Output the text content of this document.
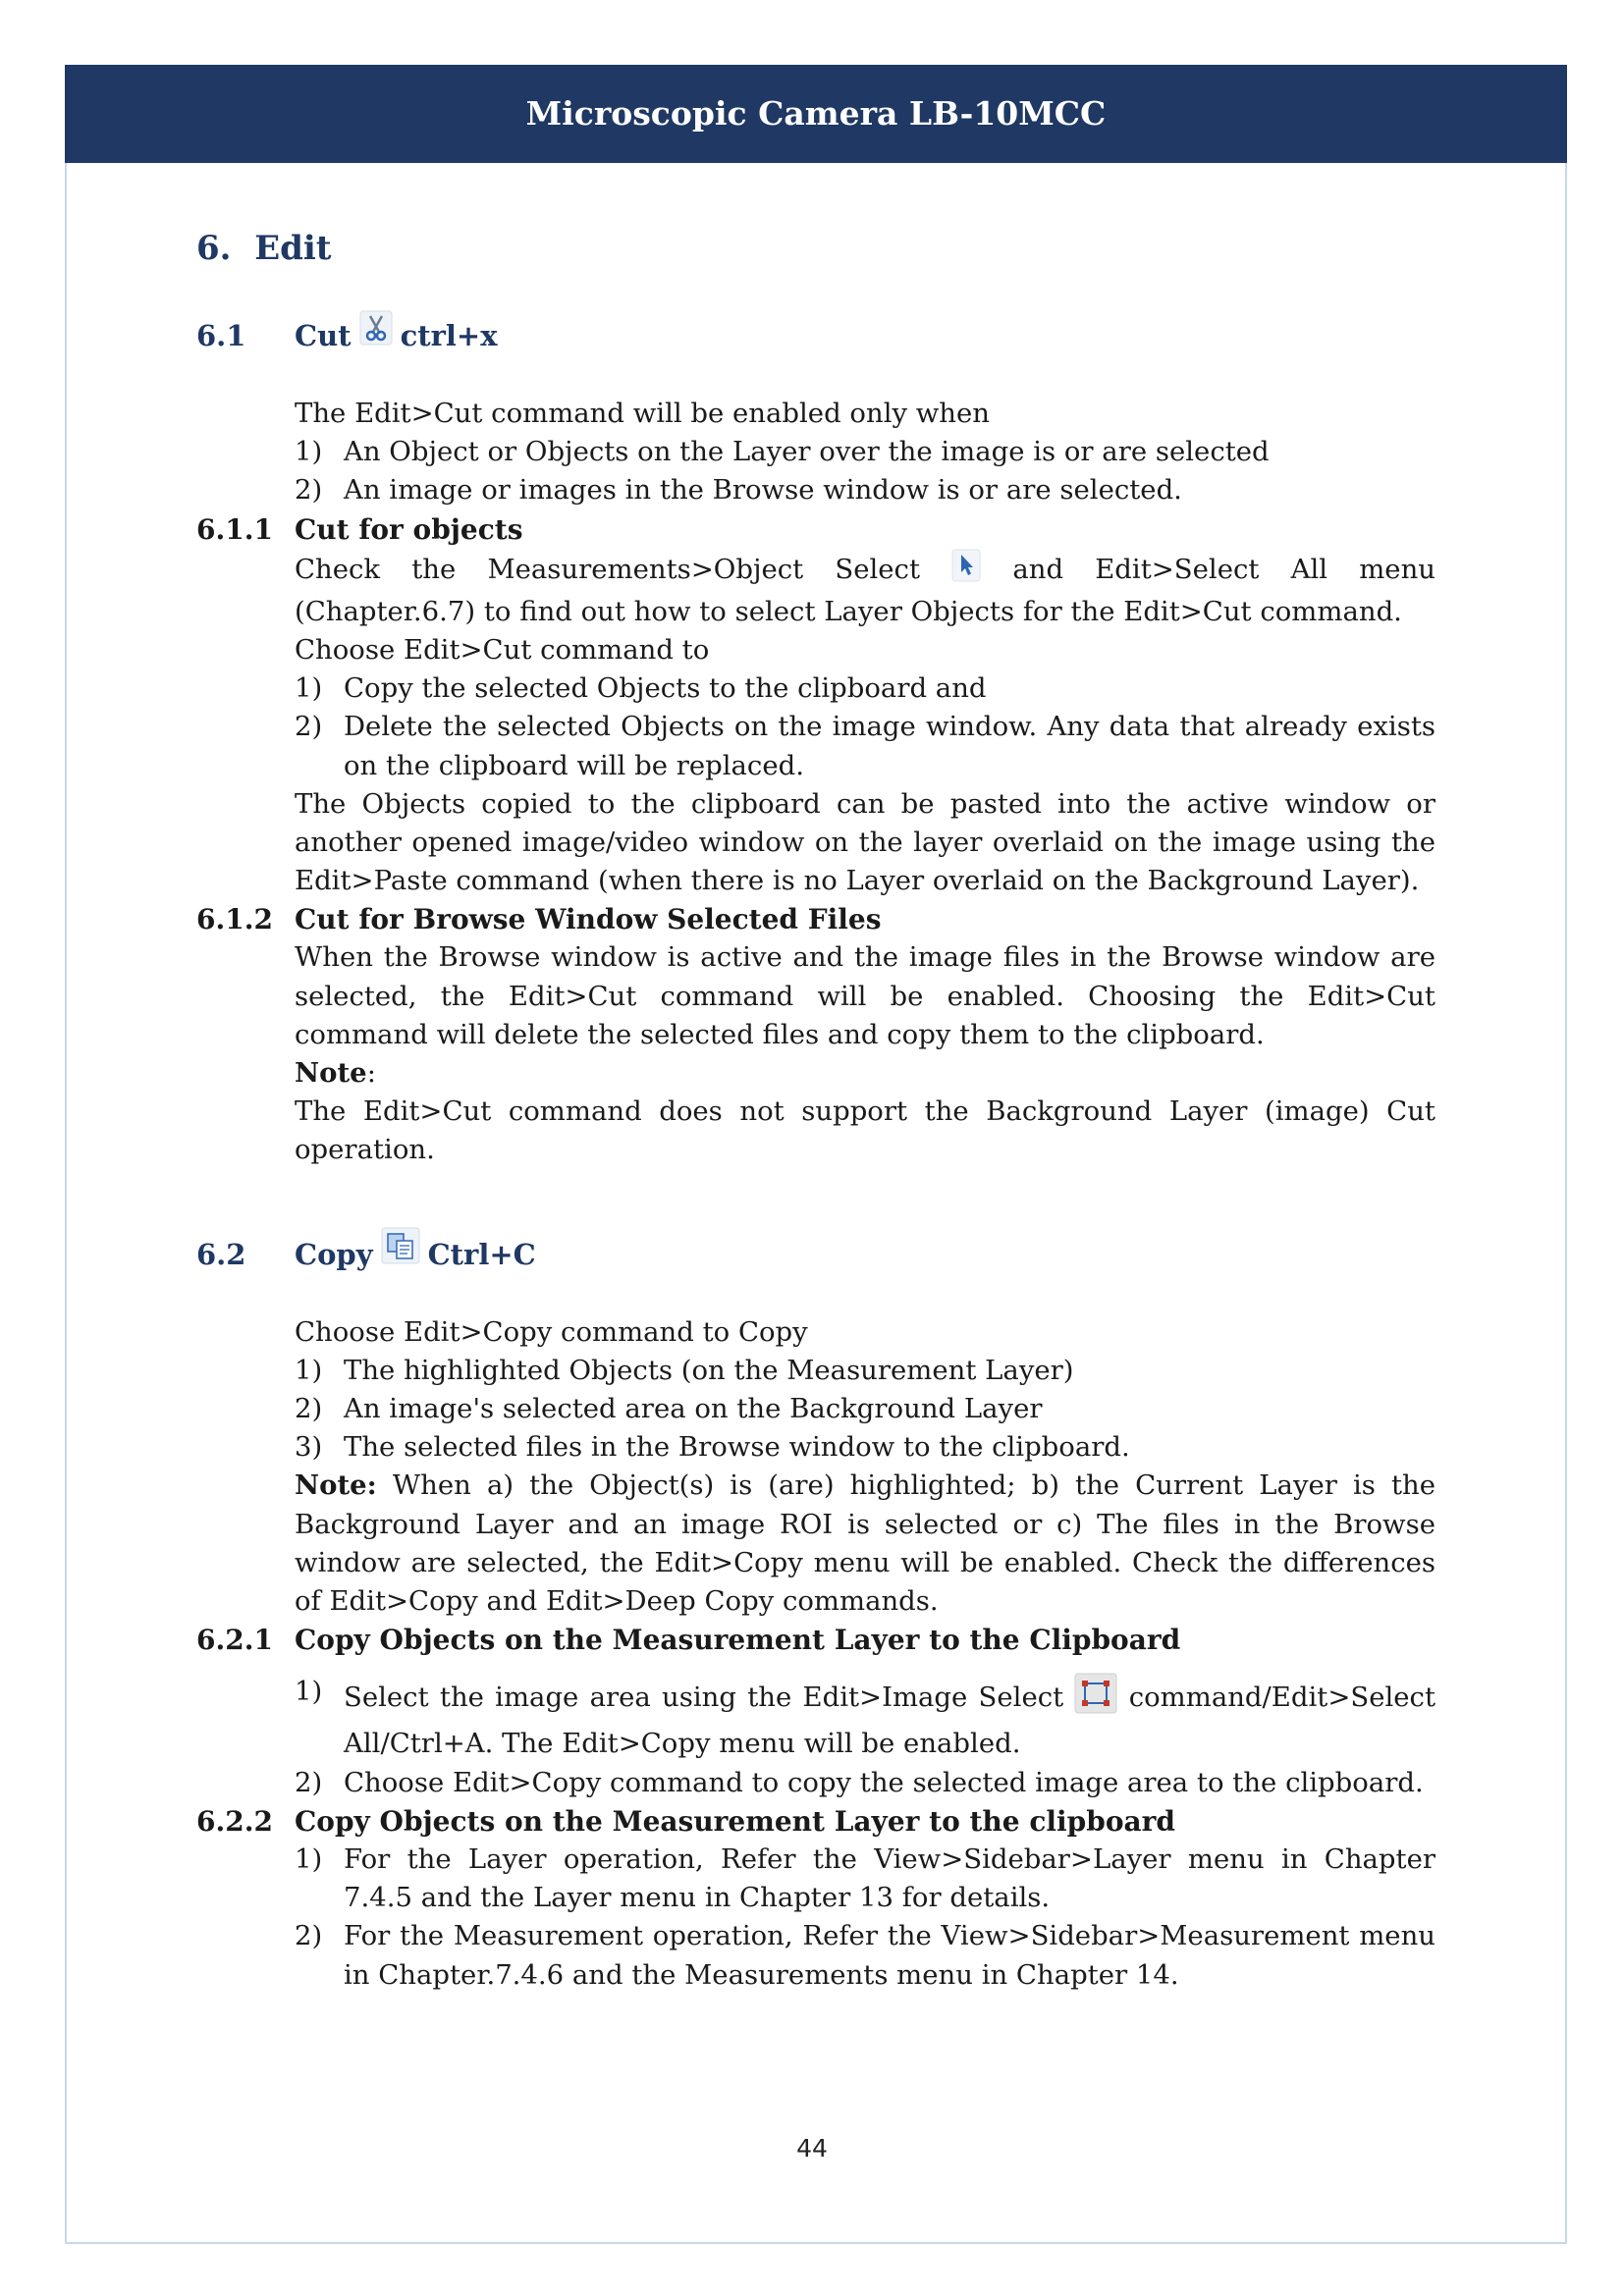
Microscopic Camera LB-10MCC
6. Edit
6.1	Cut ctrl+x

The Edit>Cut command will be enabled only when

1) An Object or Objects on the Layer over the image is or are selected
2) An image or images in the Browse window is or are selected.
6.1.1 Cut for objects

Check the Measurements>Object Select	and Edit>Select All menu (Chapter.6.7) to find out how to select Layer Objects for the Edit>Cut command.

Choose Edit>Cut command to

1) Copy the selected Objects to the clipboard and
2) Delete the selected Objects on the image window. Any data that already exists on the clipboard will be replaced.

The Objects copied to the clipboard can be pasted into the active window or another opened image/video window on the layer overlaid on the image using the Edit>Paste command (when there is no Layer overlaid on the Background Layer).

6.1.2 Cut for Browse Window Selected Files

When the Browse window is active and the image files in the Browse window are selected, the Edit>Cut command will be enabled. Choosing the Edit>Cut command will delete the selected files and copy them to the clipboard.

Note:

The Edit>Cut command does not support the Background Layer (image) Cut operation.

6.2	Copy Ctrl+C

Choose Edit>Copy command to Copy

1) The highlighted Objects (on the Measurement Layer)
2) An image's selected area on the Background Layer
3) The selected files in the Browse window to the clipboard.

Note: When a) the Object(s) is (are) highlighted; b) the Current Layer is the Background Layer and an image ROI is selected or c) The files in the Browse window are selected, the Edit>Copy menu will be enabled. Check the differences of Edit>Copy and Edit>Deep Copy commands.

6.2.1 Copy Objects on the Measurement Layer to the Clipboard
1) Select the image area using the Edit>Image Select  command/Edit>Select All/Ctrl+A. The Edit>Copy menu will be enabled.
2) Choose Edit>Copy command to copy the selected image area to the clipboard.
6.2.2 Copy Objects on the Measurement Layer to the clipboard
1) For the Layer operation, Refer the View>Sidebar>Layer menu in Chapter 7.4.5 and the Layer menu in Chapter 13 for details.
2) For the Measurement operation, Refer the View>Sidebar>Measurement menu in Chapter.7.4.6 and the Measurements menu in Chapter 14.
44
